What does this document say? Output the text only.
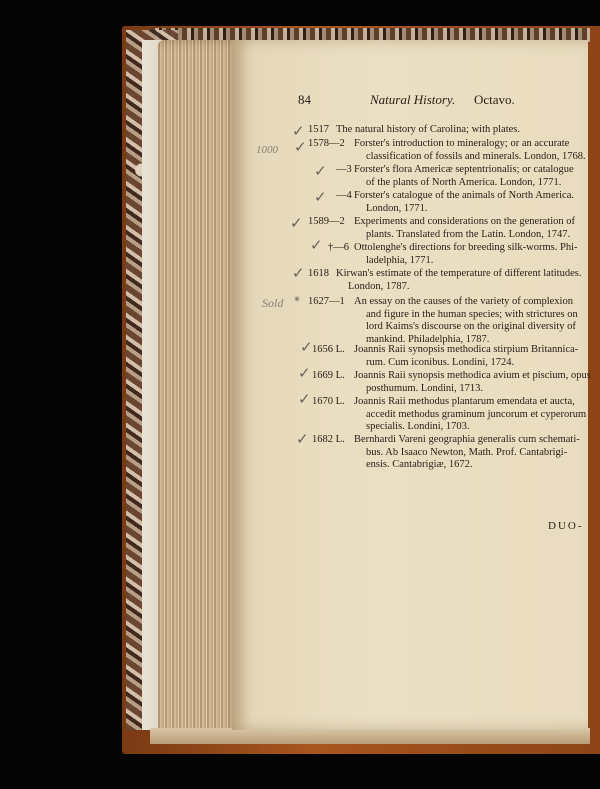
84	Natural History. Octavo.
1000
Sold
✓
✓
✓
✓
✓
✓
✓
*
✓
✓
✓
✓
1517 The natural history of Carolina; with plates.
1578—2 Forster's introduction to mineralogy; or an accurate
classification of fossils and minerals. London, 1768.
—3 Forster's flora Americæ septentrionalis; or catalogue
of the plants of North America. London, 1771.
—4 Forster's catalogue of the animals of North America.
London, 1771.
1589—2 Experiments and considerations on the generation of
plants. Translated from the Latin. London, 1747.
†—6 Ottolenghe's directions for breeding silk-worms. Phi-
ladelphia, 1771.
1618 Kirwan's estimate of the temperature of different latitudes.
London, 1787.
1627—1 An essay on the causes of the variety of complexion
and figure in the human species; with strictures on
lord Kaims's discourse on the original diversity of
mankind. Philadelphia, 1787.
1656 L. Joannis Raii synopsis methodica stirpium Britannica-
rum. Cum iconibus. Londini, 1724.
1669 L. Joannis Raii synopsis methodica avium et piscium, opus
posthumum. Londini, 1713.
1670 L. Joannis Raii methodus plantarum emendata et aucta,
accedit methodus graminum juncorum et cyperorum
specialis. Londini, 1703.
1682 L. Bernhardi Vareni geographia generalis cum schemati-
bus. Ab Isaaco Newton, Math. Prof. Cantabrigi-
ensis. Cantabrigiæ, 1672.
DUO-
